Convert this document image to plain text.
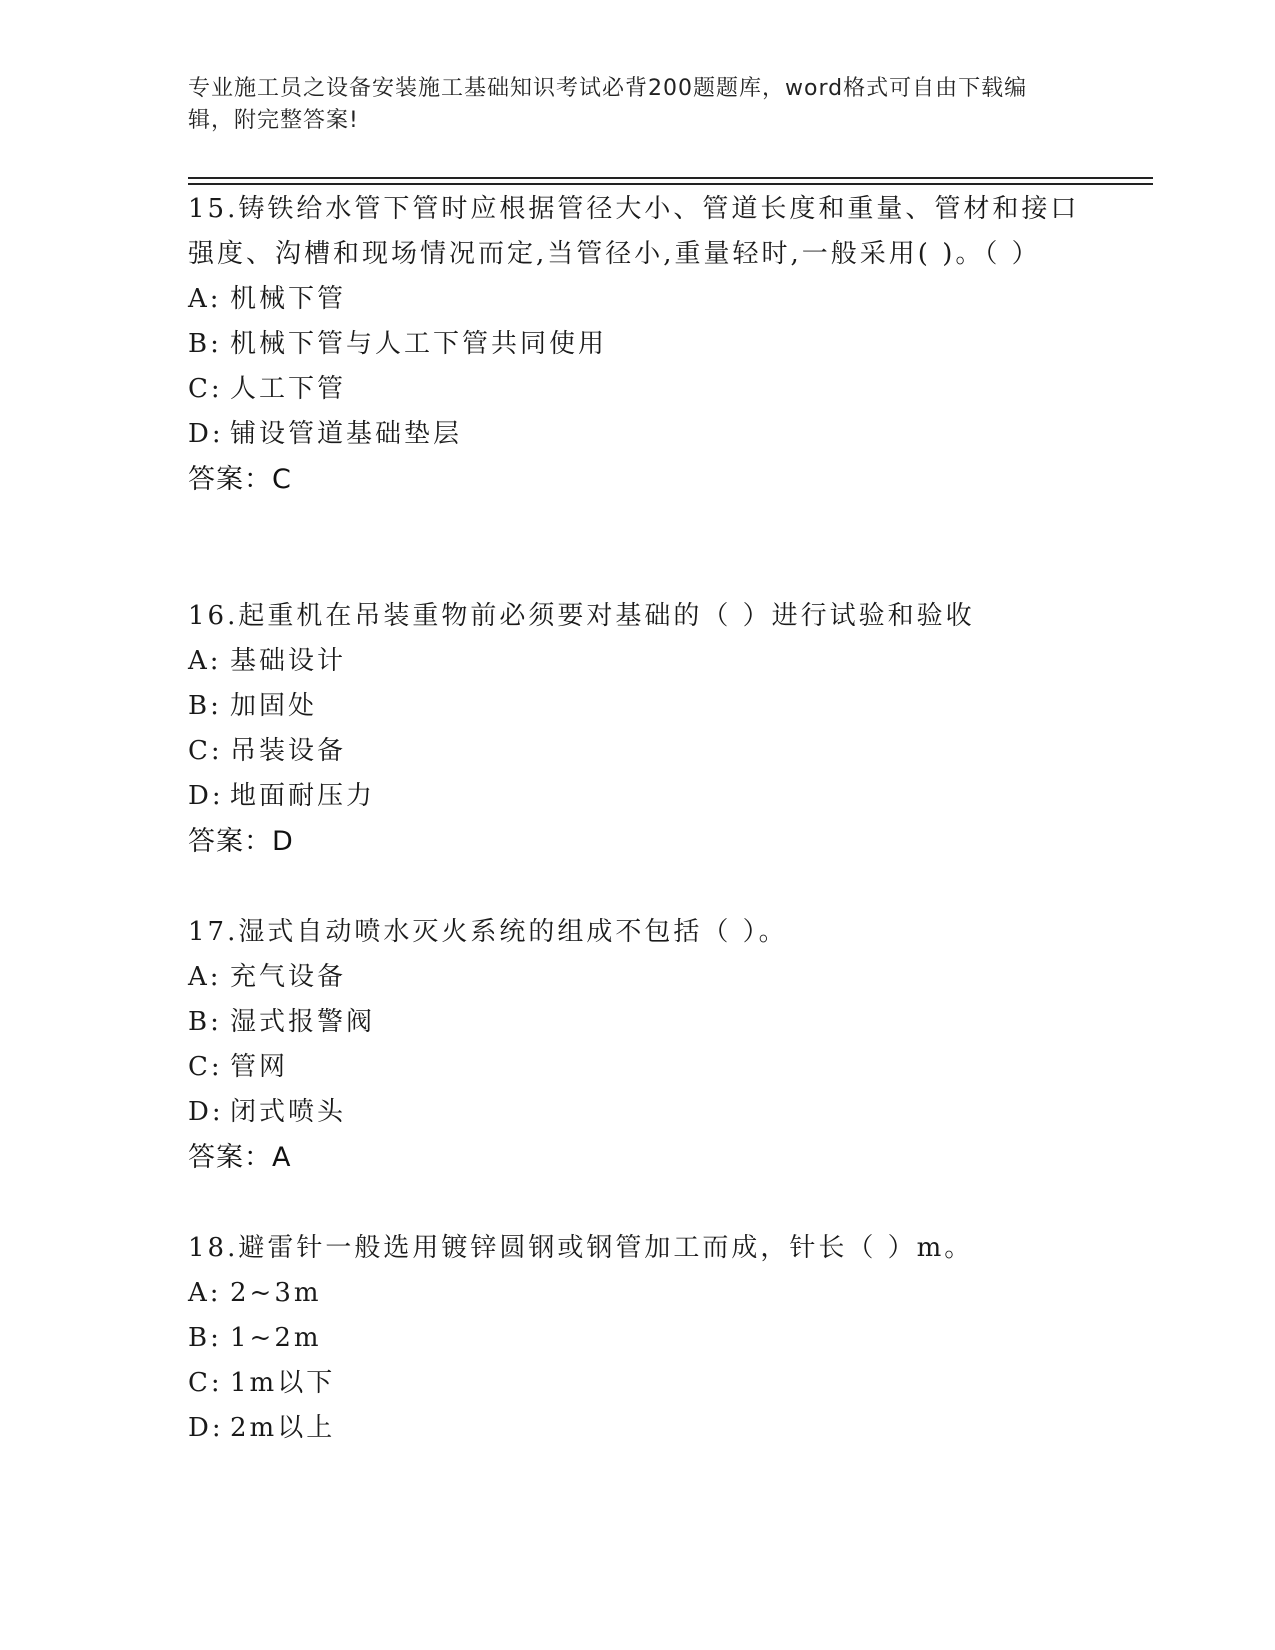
专业施工员之设备安装施工基础知识考试必背200题题库，word格式可自由下载编辑，附完整答案!

15.铸铁给水管下管时应根据管径大小、管道长度和重量、管材和接口强度、沟槽和现场情况而定,当管径小,重量轻时,一般采用( )。（ ）

A: 机械下管

B: 机械下管与人工下管共同使用

C: 人工下管

D: 铺设管道基础垫层

答案：C

16.起重机在吊装重物前必须要对基础的（ ）进行试验和验收

A: 基础设计

B: 加固处

C: 吊装设备

D: 地面耐压力

答案：D

17.湿式自动喷水灭火系统的组成不包括（ ）。

A: 充气设备

B: 湿式报警阀

C: 管网

D: 闭式喷头

答案：A

18.避雷针一般选用镀锌圆钢或钢管加工而成，针长（ ）m。

A: 2~3m

B: 1~2m

C: 1m以下

D: 2m以上
